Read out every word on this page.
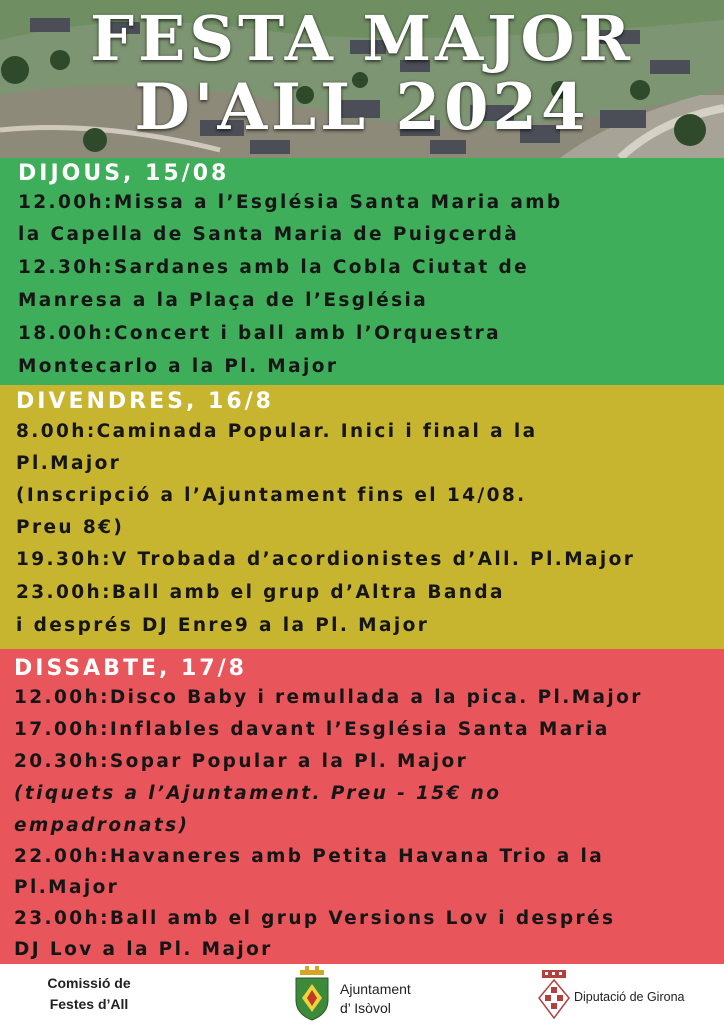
FESTA MAJOR
D'ALL 2024
DIJOUS, 15/08
12.00h:Missa a l’Església Santa Maria amb
la Capella de Santa Maria de Puigcerdà
12.30h:Sardanes amb la Cobla Ciutat de
Manresa a la Plaça de l’Església
18.00h:Concert i ball amb l’Orquestra
Montecarlo a la Pl. Major
DIVENDRES, 16/8
8.00h:Caminada Popular. Inici i final a la
Pl.Major
(Inscripció a l’Ajuntament fins el 14/08.
Preu 8€)
19.30h:V Trobada d’acordionistes d’All. Pl.Major
23.00h:Ball amb el grup d’Altra Banda
i després DJ Enre9 a la Pl. Major
DISSABTE, 17/8
12.00h:Disco Baby i remullada a la pica. Pl.Major
17.00h:Inflables davant l’Església Santa Maria
20.30h:Sopar Popular a la Pl. Major
(tiquets a l’Ajuntament. Preu - 15€ no
empadronats)
22.00h:Havaneres amb Petita Havana Trio a la
Pl.Major
23.00h:Ball amb el grup Versions Lov i després
DJ Lov a la Pl. Major
Comissió de
Festes d’All
Ajuntament
d’ Isòvol
Diputació de Girona
